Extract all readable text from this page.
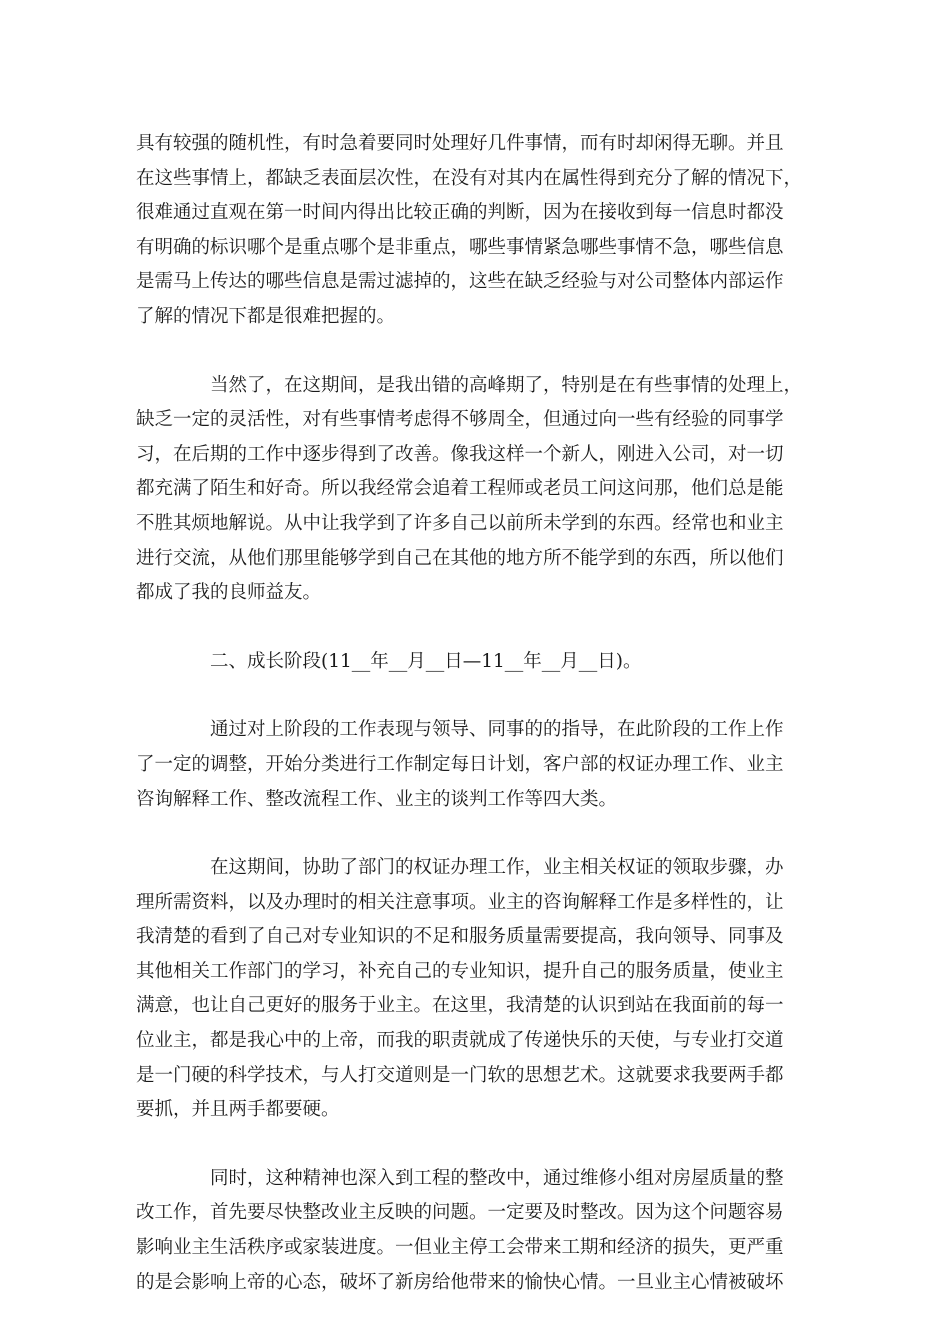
具有较强的随机性，有时急着要同时处理好几件事情，而有时却闲得无聊。并且
在这些事情上，都缺乏表面层次性，在没有对其内在属性得到充分了解的情况下，
很难通过直观在第一时间内得出比较正确的判断，因为在接收到每一信息时都没
有明确的标识哪个是重点哪个是非重点，哪些事情紧急哪些事情不急，哪些信息
是需马上传达的哪些信息是需过滤掉的，这些在缺乏经验与对公司整体内部运作
了解的情况下都是很难把握的。

当然了，在这期间，是我出错的高峰期了，特别是在有些事情的处理上，
缺乏一定的灵活性，对有些事情考虑得不够周全，但通过向一些有经验的同事学
习，在后期的工作中逐步得到了改善。像我这样一个新人，刚进入公司，对一切
都充满了陌生和好奇。所以我经常会追着工程师或老员工问这问那，他们总是能
不胜其烦地解说。从中让我学到了许多自己以前所未学到的东西。经常也和业主
进行交流，从他们那里能够学到自己在其他的地方所不能学到的东西，所以他们
都成了我的良师益友。

二、成长阶段(11__年__月__日—11__年__月__日)。

通过对上阶段的工作表现与领导、同事的的指导，在此阶段的工作上作
了一定的调整，开始分类进行工作制定每日计划，客户部的权证办理工作、业主
咨询解释工作、整改流程工作、业主的谈判工作等四大类。

在这期间，协助了部门的权证办理工作，业主相关权证的领取步骤，办
理所需资料，以及办理时的相关注意事项。业主的咨询解释工作是多样性的，让
我清楚的看到了自己对专业知识的不足和服务质量需要提高，我向领导、同事及
其他相关工作部门的学习，补充自己的专业知识，提升自己的服务质量，使业主
满意，也让自己更好的服务于业主。在这里，我清楚的认识到站在我面前的每一
位业主，都是我心中的上帝，而我的职责就成了传递快乐的天使，与专业打交道
是一门硬的科学技术，与人打交道则是一门软的思想艺术。这就要求我要两手都
要抓，并且两手都要硬。

同时，这种精神也深入到工程的整改中，通过维修小组对房屋质量的整
改工作，首先要尽快整改业主反映的问题。一定要及时整改。因为这个问题容易
影响业主生活秩序或家装进度。一但业主停工会带来工期和经济的损失，更严重
的是会影响上帝的心态，破坏了新房给他带来的愉快心情。一旦业主心情被破坏
